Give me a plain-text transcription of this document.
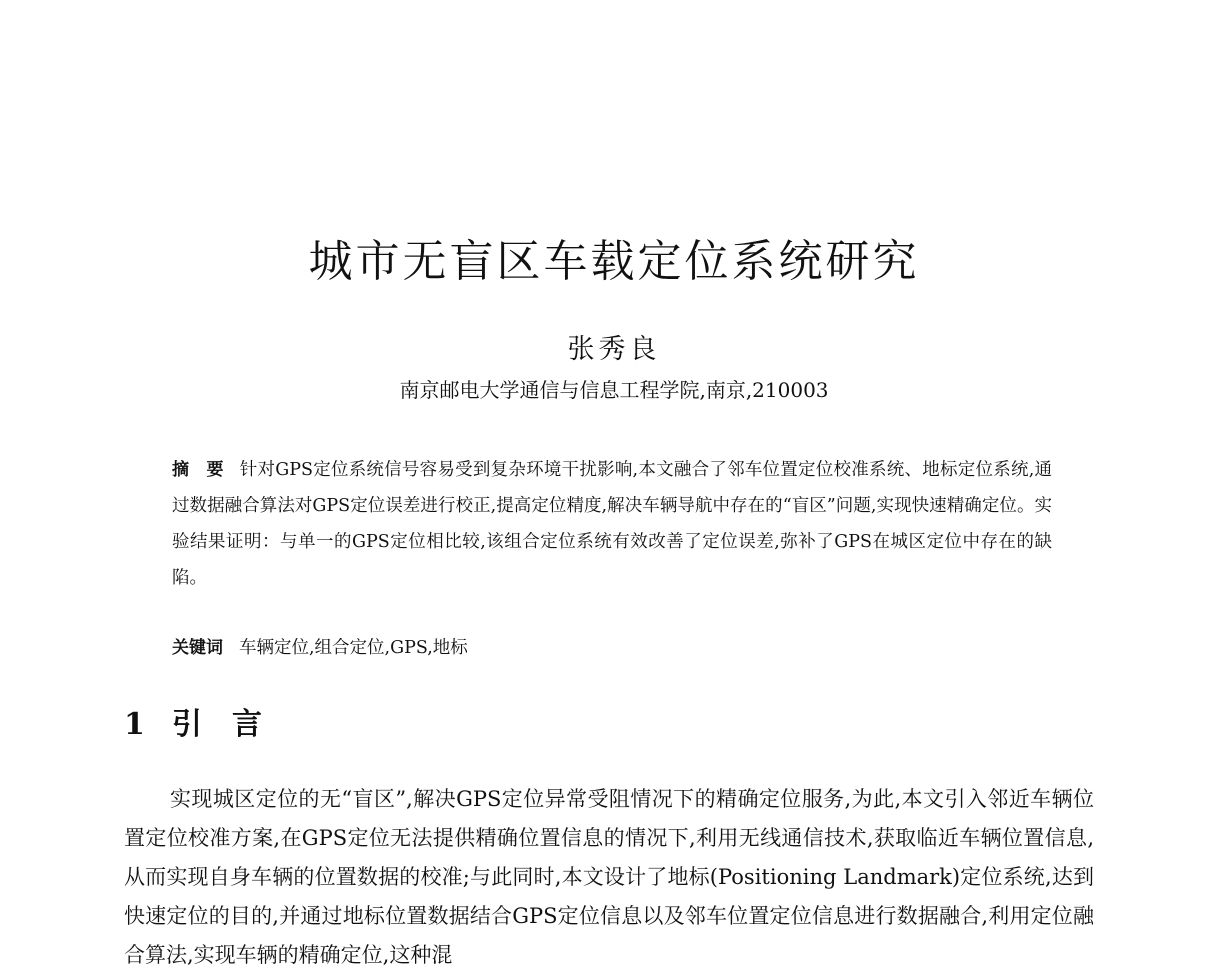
城市无盲区车载定位系统研究
张秀良
南京邮电大学通信与信息工程学院,南京,210003
摘　要 针对GPS定位系统信号容易受到复杂环境干扰影响,本文融合了邻车位置定位校准系统、地标定位系统,通过数据融合算法对GPS定位误差进行校正,提高定位精度,解决车辆导航中存在的“盲区”问题,实现快速精确定位。实验结果证明：与单一的GPS定位相比较,该组合定位系统有效改善了定位误差,弥补了GPS在城区定位中存在的缺陷。
关键词 车辆定位,组合定位,GPS,地标
1 引言

实现城区定位的无“盲区”,解决GPS定位异常受阻情况下的精确定位服务,为此,本文引入邻近车辆位置定位校准方案,在GPS定位无法提供精确位置信息的情况下,利用无线通信技术,获取临近车辆位置信息,从而实现自身车辆的位置数据的校准;与此同时,本文设计了地标(Positioning Landmark)定位系统,达到快速定位的目的,并通过地标位置数据结合GPS定位信息以及邻车位置定位信息进行数据融合,利用定位融合算法,实现车辆的精确定位,这种混
